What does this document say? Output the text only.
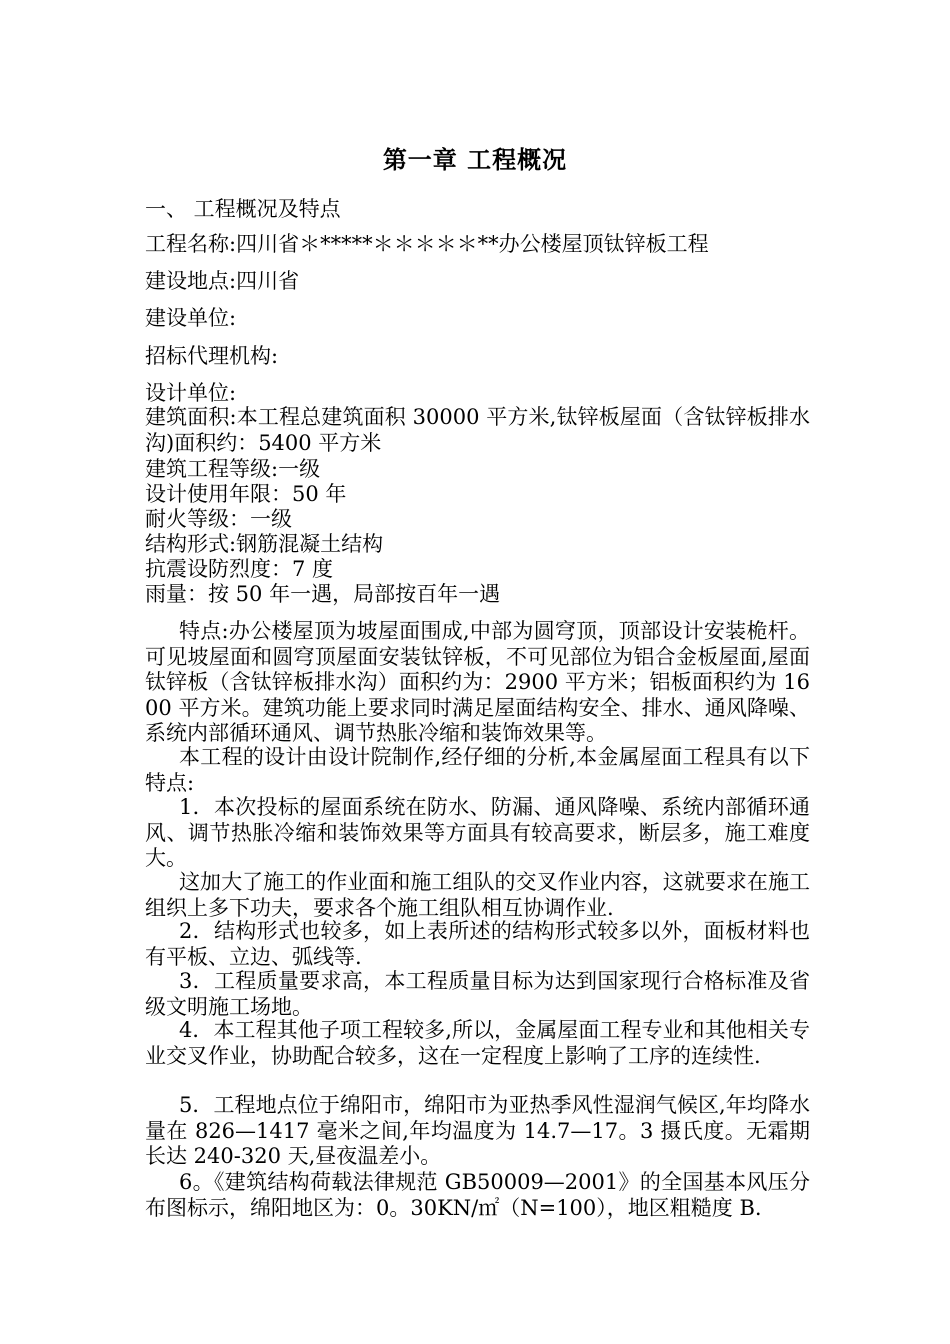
第一章 工程概况
一、 工程概况及特点
工程名称:四川省＊*****＊＊＊＊＊**办公楼屋顶钛锌板工程
建设地点:四川省
建设单位:
招标代理机构:
设计单位:
建筑面积:本工程总建筑面积 30000 平方米,钛锌板屋面（含钛锌板排水沟)面积约：5400 平方米
建筑工程等级:一级
设计使用年限：50 年
耐火等级：一级
结构形式:钢筋混凝土结构
抗震设防烈度：7 度
雨量：按 50 年一遇，局部按百年一遇
特点:办公楼屋顶为坡屋面围成,中部为圆穹顶，顶部设计安装桅杆。可见坡屋面和圆穹顶屋面安装钛锌板，不可见部位为铝合金板屋面,屋面钛锌板（含钛锌板排水沟）面积约为：2900 平方米；铝板面积约为 1600 平方米。建筑功能上要求同时满足屋面结构安全、排水、通风降噪、系统内部循环通风、调节热胀冷缩和装饰效果等。
本工程的设计由设计院制作,经仔细的分析,本金属屋面工程具有以下特点:
1．本次投标的屋面系统在防水、防漏、通风降噪、系统内部循环通风、调节热胀冷缩和装饰效果等方面具有较高要求，断层多，施工难度大。
这加大了施工的作业面和施工组队的交叉作业内容，这就要求在施工组织上多下功夫，要求各个施工组队相互协调作业.
2．结构形式也较多，如上表所述的结构形式较多以外，面板材料也有平板、立边、弧线等.
3．工程质量要求高，本工程质量目标为达到国家现行合格标准及省级文明施工场地。
4．本工程其他子项工程较多,所以，金属屋面工程专业和其他相关专业交叉作业，协助配合较多，这在一定程度上影响了工序的连续性.
5．工程地点位于绵阳市，绵阳市为亚热季风性湿润气候区,年均降水量在 826—1417 毫米之间,年均温度为 14.7—17。3 摄氏度。无霜期长达 240-320 天,昼夜温差小。
6。《建筑结构荷载法律规范 GB50009—2001》的全国基本风压分布图标示，绵阳地区为：0。30KN/㎡（N=100），地区粗糙度 B.
